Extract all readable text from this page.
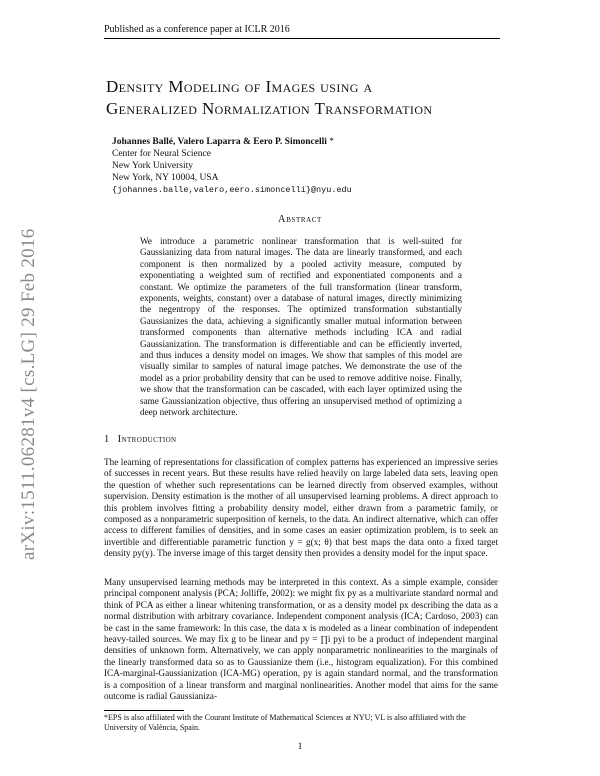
Published as a conference paper at ICLR 2016
arXiv:1511.06281v4 [cs.LG] 29 Feb 2016
Density Modeling of Images using a
Generalized Normalization Transformation
Johannes Ballé, Valero Laparra & Eero P. Simoncelli *
Center for Neural Science
New York University
New York, NY 10004, USA
{johannes.balle,valero,eero.simoncelli}@nyu.edu
Abstract
We introduce a parametric nonlinear transformation that is well-suited for Gaussianizing data from natural images. The data are linearly transformed, and each component is then normalized by a pooled activity measure, computed by exponentiating a weighted sum of rectified and exponentiated components and a constant. We optimize the parameters of the full transformation (linear transform, exponents, weights, constant) over a database of natural images, directly minimizing the negentropy of the responses. The optimized transformation substantially Gaussianizes the data, achieving a significantly smaller mutual information between transformed components than alternative methods including ICA and radial Gaussianization. The transformation is differentiable and can be efficiently inverted, and thus induces a density model on images. We show that samples of this model are visually similar to samples of natural image patches. We demonstrate the use of the model as a prior probability density that can be used to remove additive noise. Finally, we show that the transformation can be cascaded, with each layer optimized using the same Gaussianization objective, thus offering an unsupervised method of optimizing a deep network architecture.
1 Introduction
The learning of representations for classification of complex patterns has experienced an impressive series of successes in recent years. But these results have relied heavily on large labeled data sets, leaving open the question of whether such representations can be learned directly from observed examples, without supervision. Density estimation is the mother of all unsupervised learning problems. A direct approach to this problem involves fitting a probability density model, either drawn from a parametric family, or composed as a nonparametric superposition of kernels, to the data. An indirect alternative, which can offer access to different families of densities, and in some cases an easier optimization problem, is to seek an invertible and differentiable parametric function y = g(x; θ) that best maps the data onto a fixed target density py(y). The inverse image of this target density then provides a density model for the input space.
Many unsupervised learning methods may be interpreted in this context. As a simple example, consider principal component analysis (PCA; Jolliffe, 2002): we might fix py as a multivariate standard normal and think of PCA as either a linear whitening transformation, or as a density model px describing the data as a normal distribution with arbitrary covariance. Independent component analysis (ICA; Cardoso, 2003) can be cast in the same framework: In this case, the data x is modeled as a linear combination of independent heavy-tailed sources. We may fix g to be linear and py = ∏i pyi to be a product of independent marginal densities of unknown form. Alternatively, we can apply nonparametric nonlinearities to the marginals of the linearly transformed data so as to Gaussianize them (i.e., histogram equalization). For this combined ICA-marginal-Gaussianization (ICA-MG) operation, py is again standard normal, and the transformation is a composition of a linear transform and marginal nonlinearities. Another model that aims for the same outcome is radial Gaussianiza-
*EPS is also affiliated with the Courant Institute of Mathematical Sciences at NYU; VL is also affiliated with the University of València, Spain.
1
